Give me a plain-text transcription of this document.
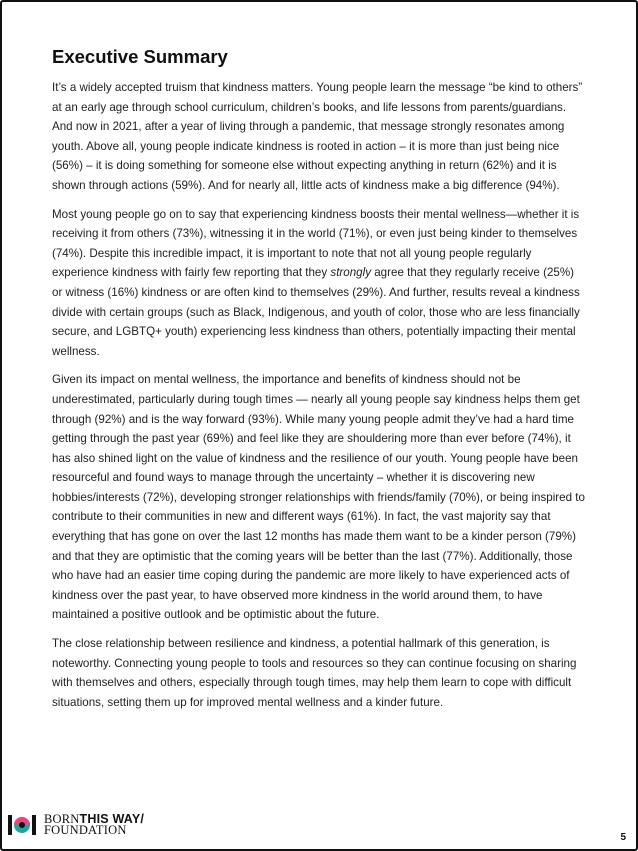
Executive Summary

It’s a widely accepted truism that kindness matters. Young people learn the message “be kind to others” at an early age through school curriculum, children’s books, and life lessons from parents/guardians. And now in 2021, after a year of living through a pandemic, that message strongly resonates among youth. Above all, young people indicate kindness is rooted in action – it is more than just being nice (56%) – it is doing something for someone else without expecting anything in return (62%) and it is shown through actions (59%). And for nearly all, little acts of kindness make a big difference (94%).

Most young people go on to say that experiencing kindness boosts their mental wellness—whether it is receiving it from others (73%), witnessing it in the world (71%), or even just being kinder to themselves (74%). Despite this incredible impact, it is important to note that not all young people regularly experience kindness with fairly few reporting that they strongly agree that they regularly receive (25%) or witness (16%) kindness or are often kind to themselves (29%). And further, results reveal a kindness divide with certain groups (such as Black, Indigenous, and youth of color, those who are less financially secure, and LGBTQ+ youth) experiencing less kindness than others, potentially impacting their mental wellness.

Given its impact on mental wellness, the importance and benefits of kindness should not be underestimated, particularly during tough times — nearly all young people say kindness helps them get through (92%) and is the way forward (93%). While many young people admit they’ve had a hard time getting through the past year (69%) and feel like they are shouldering more than ever before (74%), it has also shined light on the value of kindness and the resilience of our youth. Young people have been resourceful and found ways to manage through the uncertainty – whether it is discovering new hobbies/interests (72%), developing stronger relationships with friends/family (70%), or being inspired to contribute to their communities in new and different ways (61%). In fact, the vast majority say that everything that has gone on over the last 12 months has made them want to be a kinder person (79%) and that they are optimistic that the coming years will be better than the last (77%). Additionally, those who have had an easier time coping during the pandemic are more likely to have experienced acts of kindness over the past year, to have observed more kindness in the world around them, to have maintained a positive outlook and be optimistic about the future.

The close relationship between resilience and kindness, a potential hallmark of this generation, is noteworthy. Connecting young people to tools and resources so they can continue focusing on sharing with themselves and others, especially through tough times, may help them learn to cope with difficult situations, setting them up for improved mental wellness and a kinder future.

BORNTHIS WAY/
FOUNDATION
5
